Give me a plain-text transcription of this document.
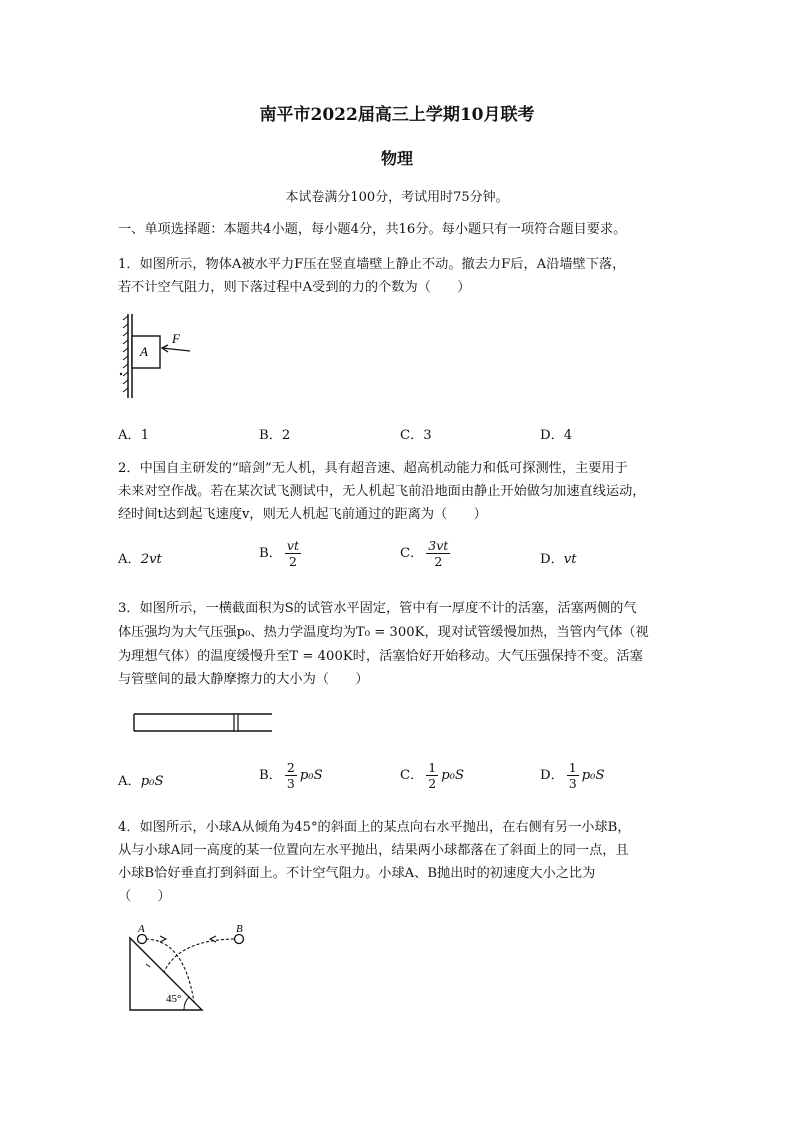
南平市2022届高三上学期10月联考
物理
本试卷满分100分，考试用时75分钟。
一、单项选择题：本题共4小题，每小题4分，共16分。每小题只有一项符合题目要求。
1．如图所示，物体A被水平力F压在竖直墙壁上静止不动。撤去力F后，A沿墙壁下落，
若不计空气阻力，则下落过程中A受到的力的个数为（　　）
A
F
A．1	B．2	C．3	D．4
2．中国自主研发的“暗剑”无人机，具有超音速、超高机动能力和低可探测性，主要用于
未来对空作战。若在某次试飞测试中，无人机起飞前沿地面由静止开始做匀加速直线运动，
经时间t达到起飞速度v，则无人机起飞前通过的距离为（　　）
A．2vt	B． $\frac{vt}{2}$	C． $\frac{3vt}{2}$	D．vt
3．如图所示，一横截面积为S的试管水平固定，管中有一厚度不计的活塞，活塞两侧的气
体压强均为大气压强p₀、热力学温度均为T₀ = 300K，现对试管缓慢加热，当管内气体（视
为理想气体）的温度缓慢升至T = 400K时，活塞恰好开始移动。大气压强保持不变。活塞
与管壁间的最大静摩擦力的大小为（　　）
A．p₀S	B． $\frac{2}{3} p_0S$	C． $\frac{1}{2} p_0S$	D． $\frac{1}{3} p_0S$
4．如图所示，小球A从倾角为45°的斜面上的某点向右水平抛出，在右侧有另一小球B，
从与小球A同一高度的某一位置向左水平抛出，结果两小球都落在了斜面上的同一点，且
小球B恰好垂直打到斜面上。不计空气阻力。小球A、B抛出时的初速度大小之比为
（　　）
A	B
45°
